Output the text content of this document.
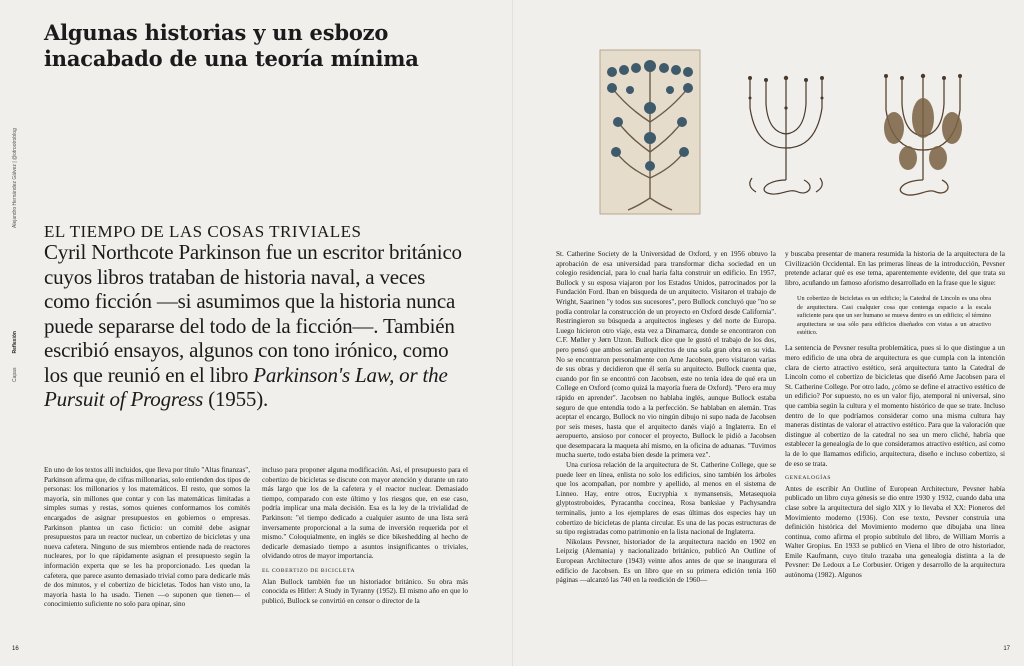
Alejandro Hernández Gálvez | @otrootroblog
CapasReflexión
Algunas historias y un esbozo
inacabado de una teoría mínima
EL TIEMPO DE LAS COSAS TRIVIALES

Cyril Northcote Parkinson fue un escritor británico cuyos libros trataban de historia naval, a veces como ficción —si asumimos que la historia nunca puede separarse del todo de la ficción—. También escribió ensayos, algunos con tono irónico, como los que reunió en el libro Parkinson's Law, or the Pursuit of Progress (1955).

En uno de los textos allí incluidos, que lleva por título "Altas finanzas", Parkinson afirma que, de cifras millonarias, solo entienden dos tipos de personas: los millonarios y los matemáticos. El resto, que somos la mayoría, sin millones que contar y con las matemáticas limitadas a simples sumas y restas, somos quienes conformamos los comités encargados de asignar presupuestos en gobiernos o empresas. Parkinson plantea un caso ficticio: un comité debe asignar presupuestos para un reactor nuclear, un cobertizo de bicicletas y una nueva cafetera. Ninguno de sus miembros entiende nada de reactores nucleares, por lo que rápidamente asignan el presupuesto según la información experta que se les ha proporcionado. Les quedan la cafetera, que parece asunto demasiado trivial como para dedicarle más de dos minutos, y el cobertizo de bicicletas. Todos han visto uno, la mayoría hasta lo ha usado. Tienen —o suponen que tienen— el conocimiento suficiente no solo para opinar, sino

incluso para proponer alguna modificación. Así, el presupuesto para el cobertizo de bicicletas se discute con mayor atención y durante un rato más largo que los de la cafetera y el reactor nuclear. Demasiado tiempo, comparado con este último y los riesgos que, en ese caso, podría implicar una mala decisión. Esa es la ley de la trivialidad de Parkinson: "el tiempo dedicado a cualquier asunto de una lista será inversamente proporcional a la suma de inversión requerida por el mismo." Coloquialmente, en inglés se dice bikeshedding al hecho de dedicarle demasiado tiempo a asuntos insignificantes o triviales, olvidando otros de mayor importancia.

EL COBERTIZO DE BICICLETA

Alan Bullock también fue un historiador británico. Su obra más conocida es Hitler: A Study in Tyranny (1952). El mismo año en que lo publicó, Bullock se convirtió en censor o director de la

St. Catherine Society de la Universidad de Oxford, y en 1956 obtuvo la aprobación de esa universidad para transformar dicha sociedad en un colegio residencial, para lo cual haría falta construir un edificio. En 1957, Bullock y su esposa viajaron por los Estados Unidos, patrocinados por la Fundación Ford. Iban en búsqueda de un arquitecto. Visitaron el trabajo de Wright, Saarinen "y todos sus sucesores", pero Bullock concluyó que "no se podía controlar la construcción de un proyecto en Oxford desde California". Restringieron su búsqueda a arquitectos ingleses y del norte de Europa. Luego hicieron otro viaje, esta vez a Dinamarca, donde se encontraron con C.F. Møller y Jørn Utzon. Bullock dice que le gustó el trabajo de los dos, pero pensó que ambos serían arquitectos de una sola gran obra en su vida. No se encontraron personalmente con Arne Jacobsen, pero visitaron varias de sus obras y decidieron que él sería su arquitecto. Bullock cuenta que, cuando por fin se encontró con Jacobsen, este no tenía idea de qué era un College en Oxford (como quizá la mayoría fuera de Oxford). "Pero era muy rápido en aprender". Jacobsen no hablaba inglés, aunque Bullock estaba seguro de que entendía todo a la perfección. Se hablaban en alemán. Tras aceptar el encargo, Bullock no vio ningún dibujo ni supo nada de Jacobsen por seis meses, hasta que el arquitecto danés viajó a Inglaterra. En el aeropuerto, ansioso por conocer el proyecto, Bullock le pidió a Jacobsen que desempacara la maqueta ahí mismo, en la oficina de aduanas. "Tuvimos mucha suerte, todo estaba bien desde la primera vez".

Una curiosa relación de la arquitectura de St. Catherine College, que se puede leer en línea, enlista no solo los edificios, sino también los árboles que los acompañan, por nombre y apellido, al menos en el sistema de Linneo. Hay, entre otros, Eucryphia x nymansensis, Metasequoia glyptostroboides, Pyracantha coccinea, Rosa banksiae y Pachysandra terminalis, junto a los ejemplares de esas últimas dos especies hay un cobertizo de bicicletas de planta circular. Es una de las pocas estructuras de su tipo registradas como patrimonio en la lista nacional de Inglaterra.

Nikolaus Pevsner, historiador de la arquitectura nacido en 1902 en Leipzig (Alemania) y nacionalizado británico, publicó An Outline of European Architecture (1943) veinte años antes de que se inaugurara el edificio de Jacobsen. Es un libro que en su primera edición tenía 160 páginas —alcanzó las 740 en la reedición de 1960—

y buscaba presentar de manera resumida la historia de la arquitectura de la Civilización Occidental. En las primeras líneas de la introducción, Pevsner pretende aclarar qué es ese tema, aparentemente evidente, del que trata su libro, acuñando un famoso aforismo desarrollado en la frase que le sigue:

Un cobertizo de bicicletas es un edificio; la Catedral de Lincoln es una obra de arquitectura. Casi cualquier cosa que contenga espacio a la escala suficiente para que un ser humano se mueva dentro es un edificio; el término arquitectura se usa sólo para edificios diseñados con vistas a un atractivo estético.

La sentencia de Pevsner resulta problemática, pues si lo que distingue a un mero edificio de una obra de arquitectura es que cumpla con la intención clara de cierto atractivo estético, será arquitectura tanto la Catedral de Lincoln como el cobertizo de bicicletas que diseñó Arne Jacobsen para el St. Catherine College. Por otro lado, ¿cómo se define el atractivo estético de un edificio? Por supuesto, no es un valor fijo, atemporal ni universal, sino que cambia según la cultura y el momento histórico de que se trate. Incluso dentro de lo que podríamos considerar como una misma cultura hay maneras distintas de valorar el atractivo estético. Para que la valoración que distingue al cobertizo de la catedral no sea un mero cliché, habría que establecer la genealogía de lo que consideramos atractivo estético, así como la de lo que llamamos edificio, arquitectura, diseño e incluso cobertizo, si de eso se trata.

GENEALOGÍAS

Antes de escribir An Outline of European Architecture, Pevsner había publicado un libro cuya génesis se dio entre 1930 y 1932, cuando daba una clase sobre la arquitectura del siglo XIX y lo llevaba el XX: Pioneros del Movimiento moderno (1936). Con ese texto, Pevsner construía una definición histórica del Movimiento moderno que dibujaba una línea continua, como afirma el propio subtítulo del libro, de William Morris a Walter Gropius. En 1933 se publicó en Viena el libro de otro historiador, Emile Kaufmann, cuyo título trazaba una genealogía distinta a la de Pevsner: De Ledoux a Le Corbusier. Origen y desarrollo de la arquitectura autónoma (1982). Algunos

16	17
